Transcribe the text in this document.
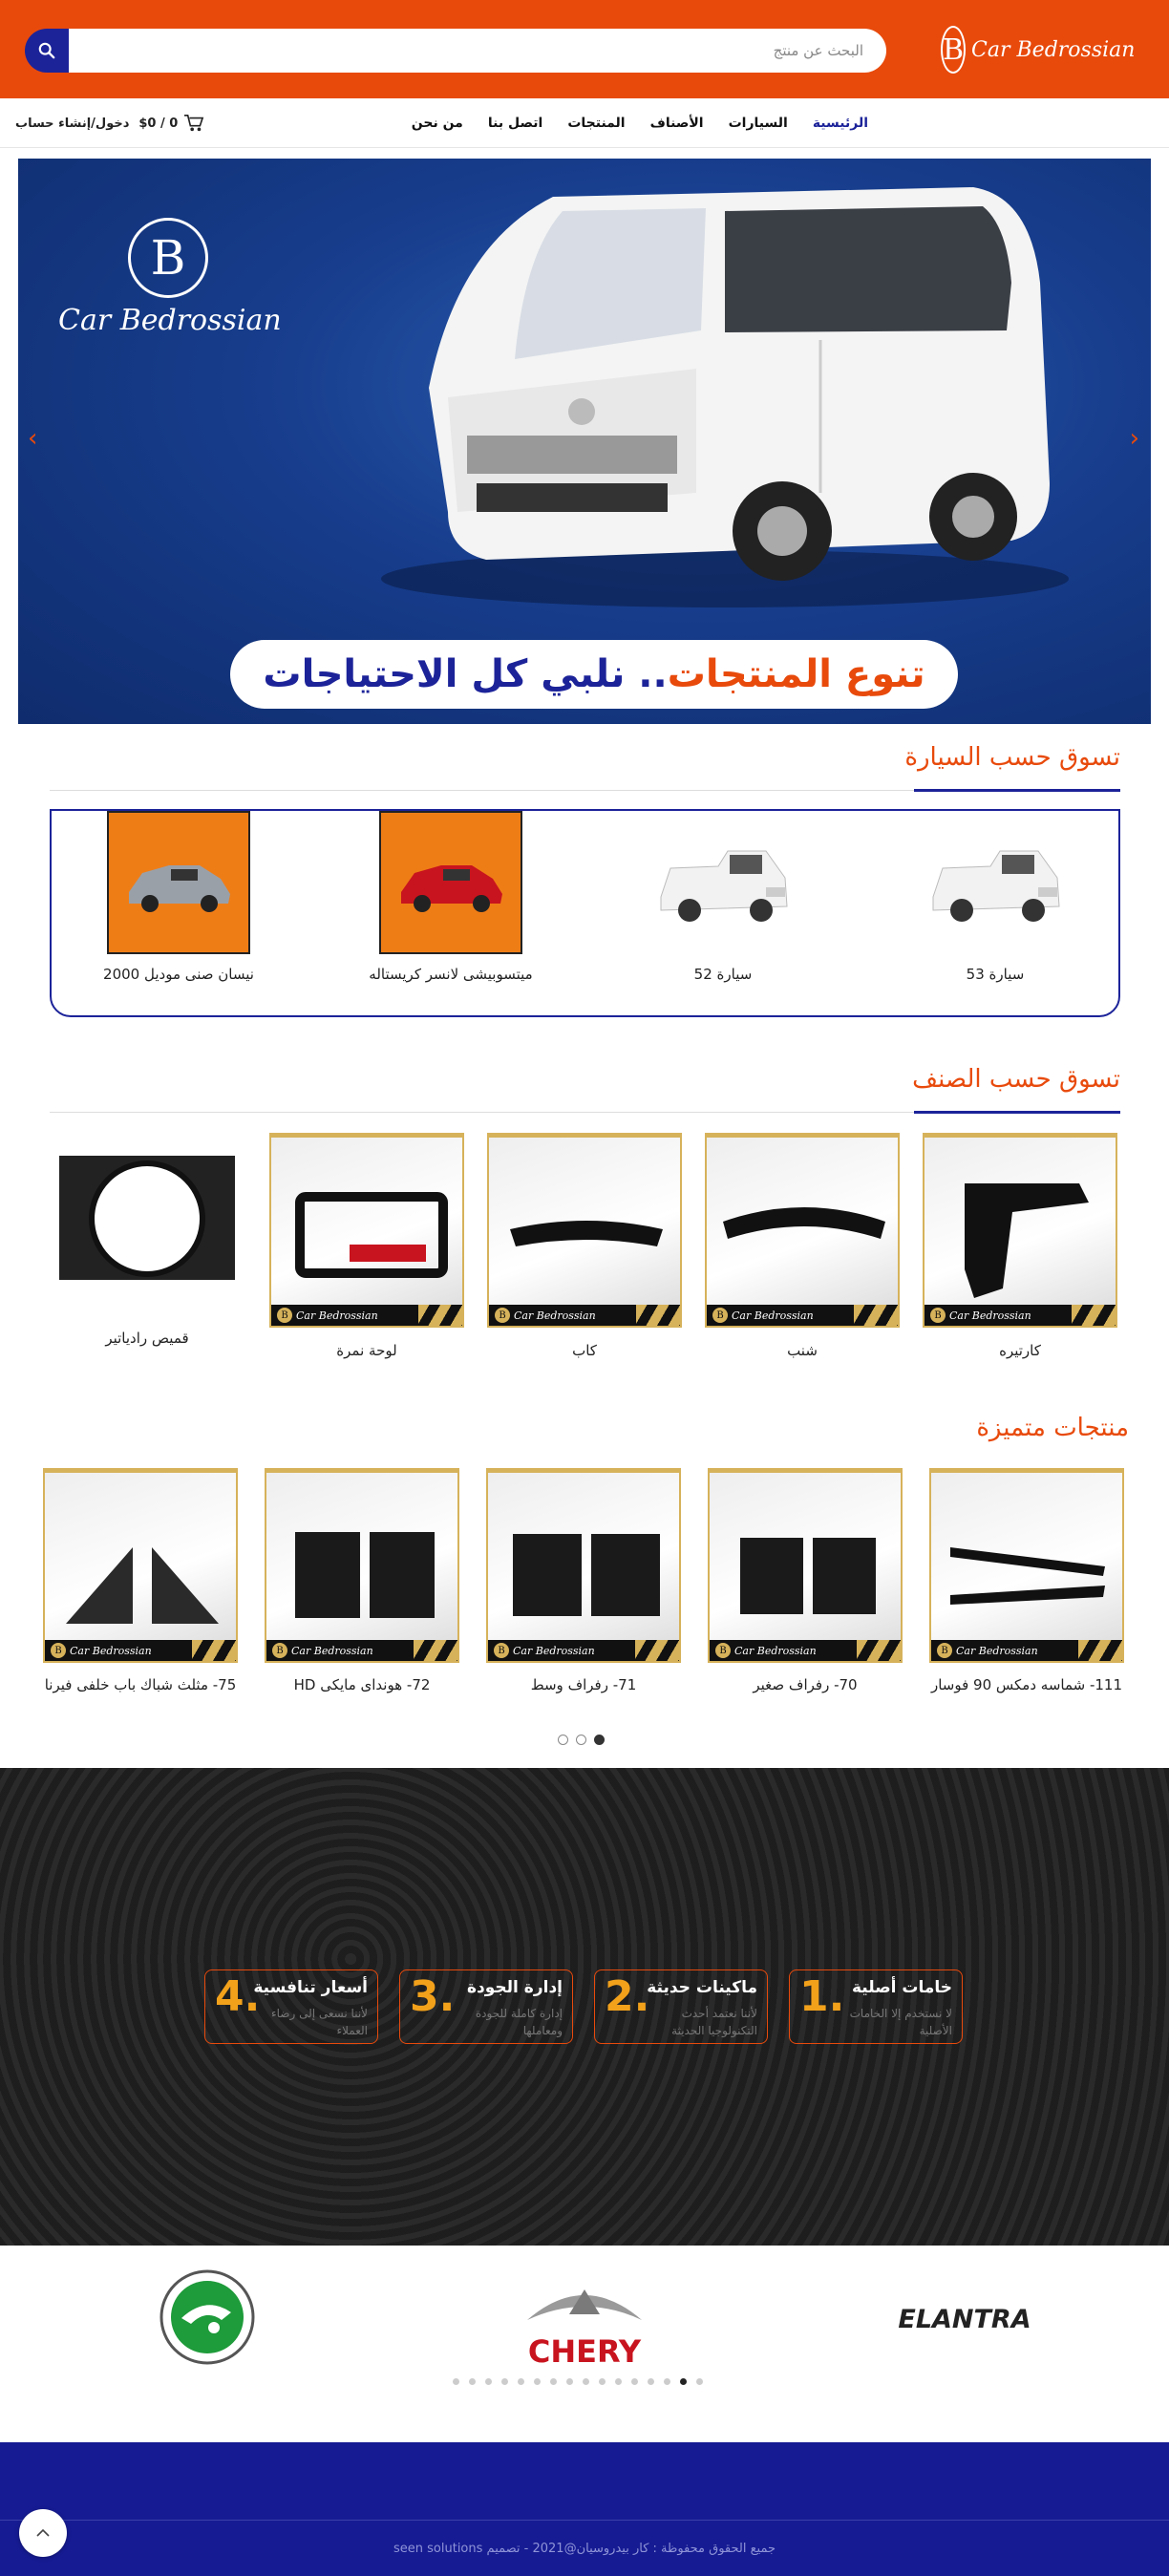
البحث عن منتج
B Car Bedrossian
دخول/إنشاء حساب $0 / 0	الرئيسية
السيارات
الأصناف
المنتجات
اتصل بنا
من نحن
B
Car Bedrossian
تنوع المنتجات
.. نلبي كل الاحتياجات
‹	›
تسوق حسب السيارة
سيارة 53
سيارة 52
ميتسوبيشى لانسر كريستاله
نيسان صنى موديل 2000
تسوق حسب الصنف
B Car Bedrossian
كارتيره
B Car Bedrossian
شنب
B Car Bedrossian
كاب
B Car Bedrossian
لوحة نمرة
قميص رادياتير
منتجات متميزة
B Car Bedrossian
111- شماسه دمكس 90 فوسار
B Car Bedrossian
70- رفراف صغير
B Car Bedrossian
71- رفراف وسط
B Car Bedrossian
72- هونداى مايكى HD
B Car Bedrossian
75- مثلث شباك باب خلفى فيرنا
.1 خامات أصلية
لا نستخدم إلا الخامات الأصلية
.2
ماكينات حديثة
لأننا نعتمد أحدث التكنولوجيا الحديثة
.3 إدارة الجودة
إدارة كاملة للجودة ومعاملها
.4
أسعار تنافسية
لأننا نسعى إلى رضاء العملاء
ELANTRA
CHERY
جميع الحقوق محفوظة : كار بيدروسيان@2021 - تصميم seen solutions
